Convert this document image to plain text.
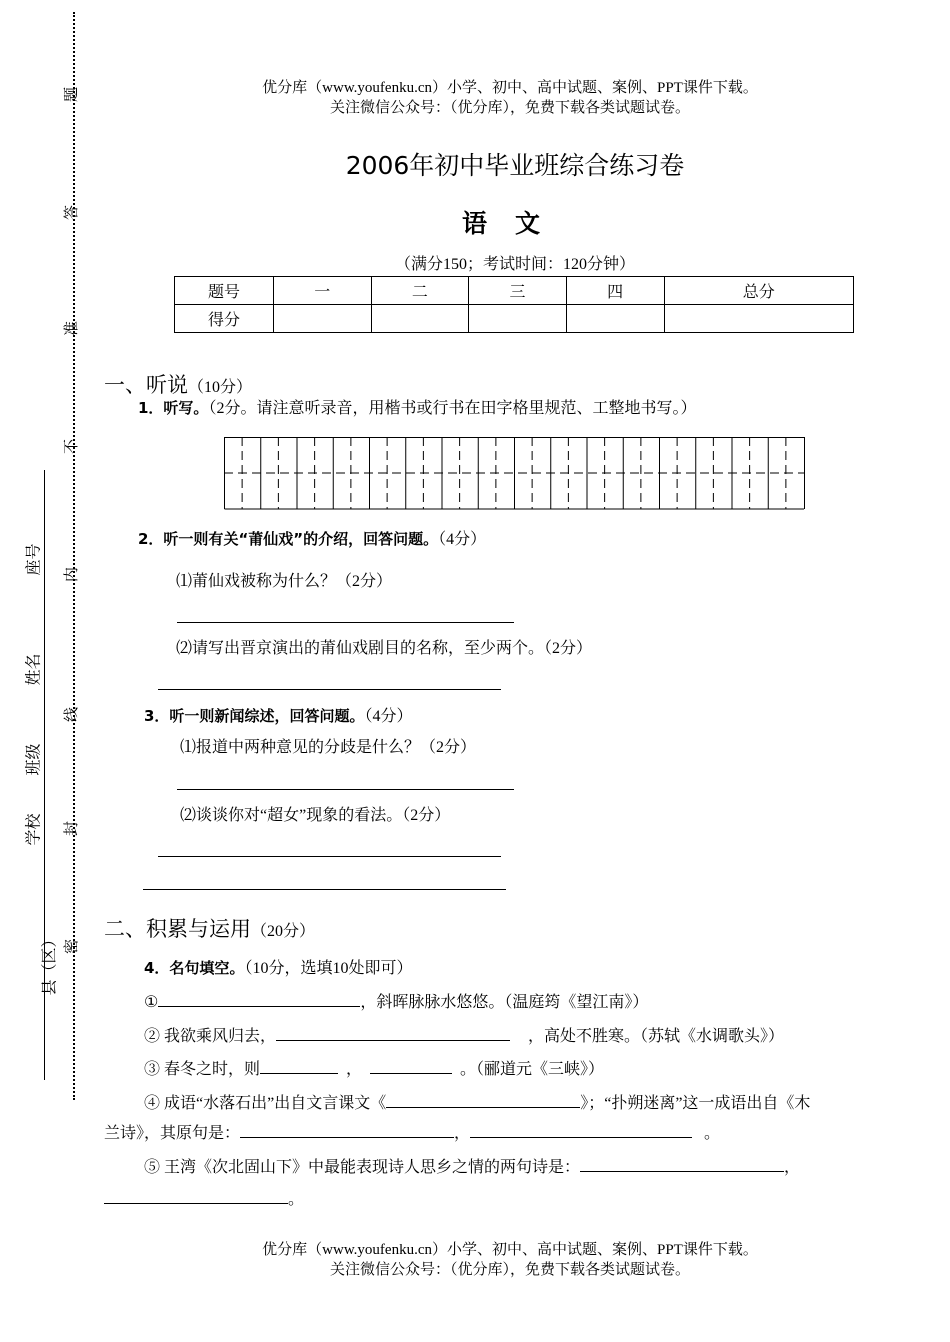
题
答
准
不
内
线
封
密
座号
姓名
班级
学校
县（区）
优分库（www.youfenku.cn）小学、初中、高中试题、案例、PPT课件下载。
关注微信公众号：（优分库），免费下载各类试题试卷。
2006年初中毕业班综合练习卷
语文
（满分150；考试时间：120分钟）
题号	一	二	三	四	总分
得分					
一、听说（10分）
1．听写。（2分。请注意听录音，用楷书或行书在田字格里规范、工整地书写。）
2．听一则有关“莆仙戏”的介绍，回答问题。（4分）
⑴莆仙戏被称为什么？（2分）
⑵请写出晋京演出的莆仙戏剧目的名称，至少两个。（2分）
3．听一则新闻综述，回答问题。（4分）
⑴报道中两种意见的分歧是什么？（2分）
⑵谈谈你对“超女”现象的看法。（2分）
二、积累与运用（20分）
4．名句填空。（10分，选填10处即可）
①	，斜晖脉脉水悠悠。（温庭筠《望江南》）
② 我欲乘风归去，	，高处不胜寒。（苏轼《水调歌头》）
③ 春冬之时，则	，	。（郦道元《三峡》）
④ 成语“水落石出”出自文言课文《	》；“扑朔迷离”这一成语出自《木
兰诗》，其原句是：	，	。
⑤ 王湾《次北固山下》中最能表现诗人思乡之情的两句诗是：	，
。
优分库（www.youfenku.cn）小学、初中、高中试题、案例、PPT课件下载。
关注微信公众号：（优分库），免费下载各类试题试卷。
